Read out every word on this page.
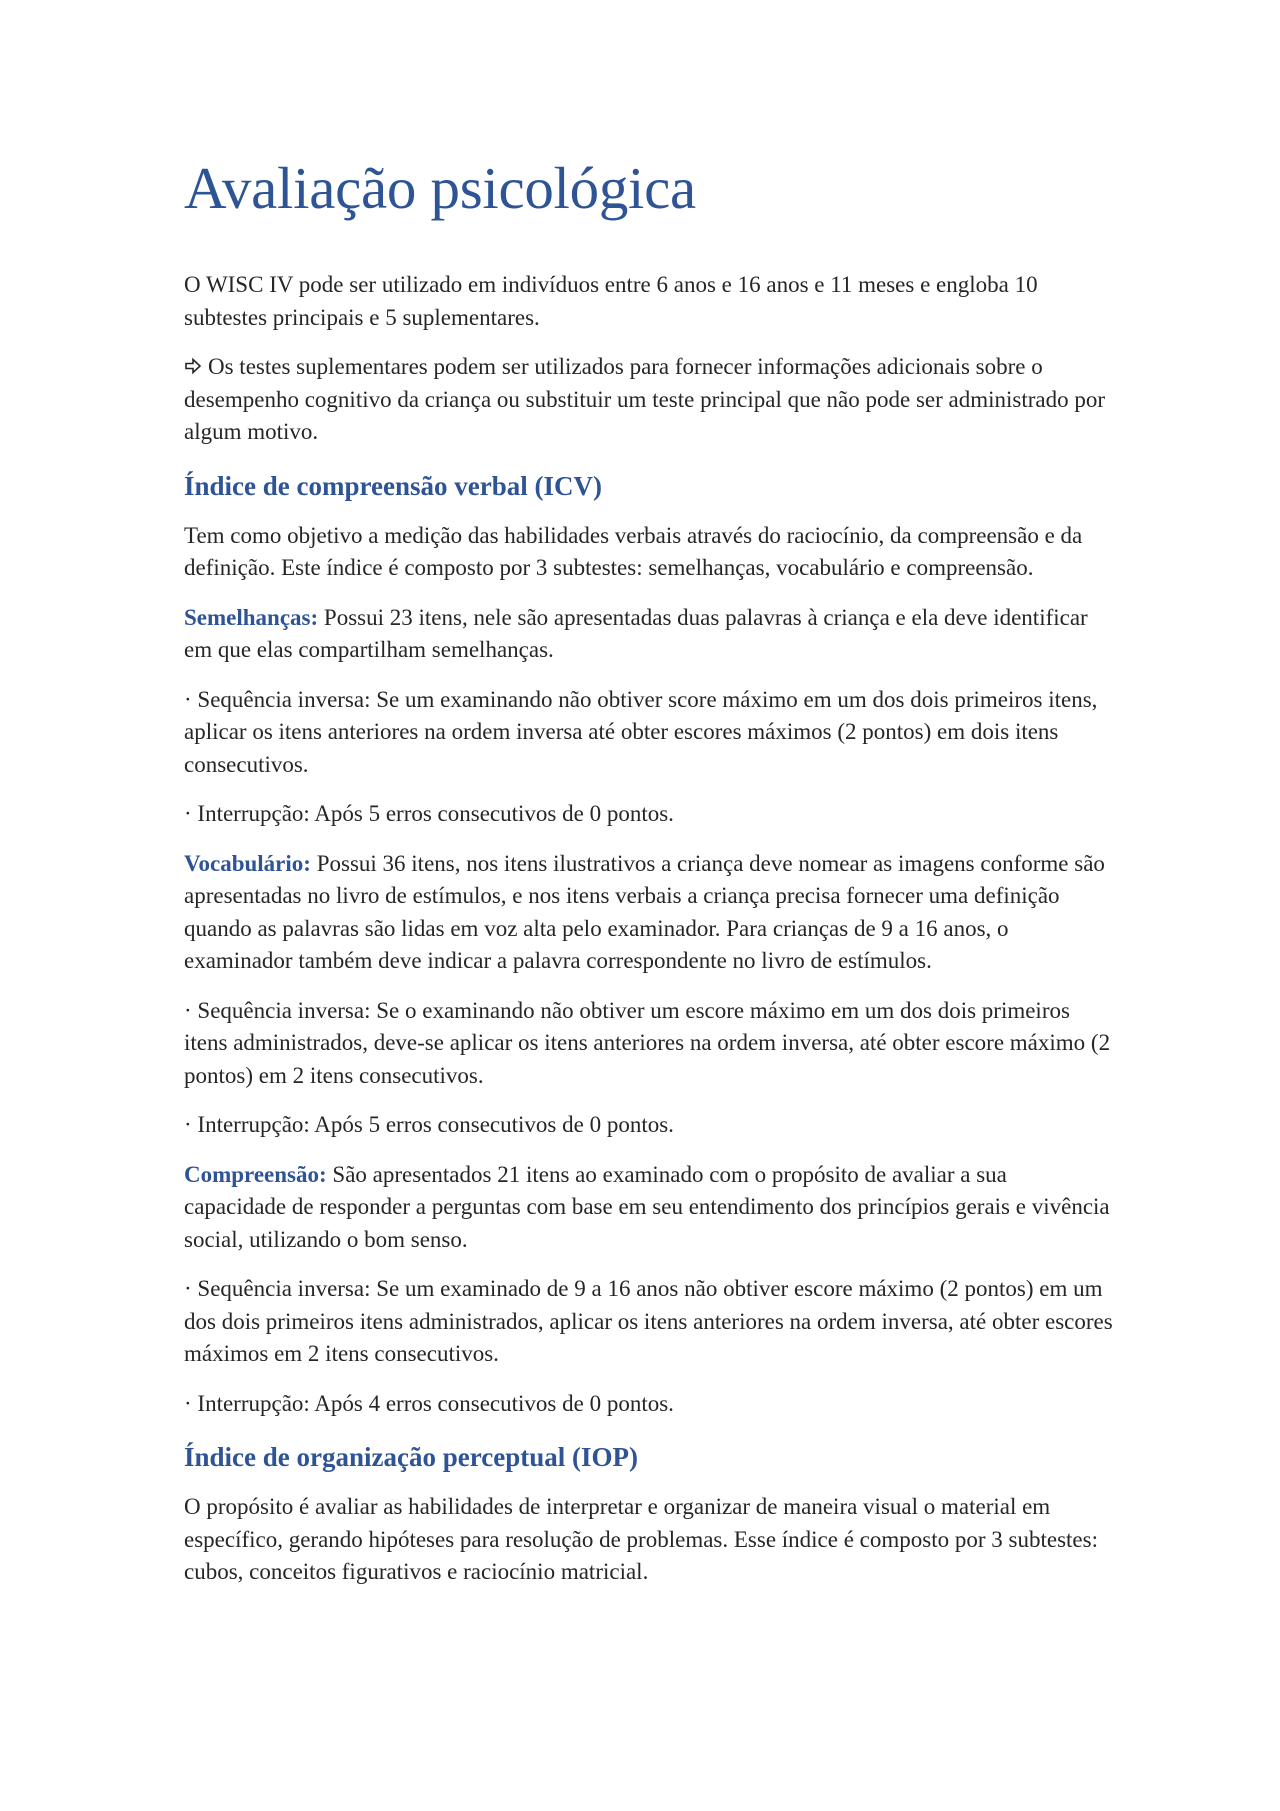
Avaliação psicológica

O WISC IV pode ser utilizado em indivíduos entre 6 anos e 16 anos e 11 meses e engloba 10 subtestes principais e 5 suplementares.

Os testes suplementares podem ser utilizados para fornecer informações adicionais sobre o desempenho cognitivo da criança ou substituir um teste principal que não pode ser administrado por algum motivo.

Índice de compreensão verbal (ICV)

Tem como objetivo a medição das habilidades verbais através do raciocínio, da compreensão e da definição. Este índice é composto por 3 subtestes: semelhanças, vocabulário e compreensão.

Semelhanças: Possui 23 itens, nele são apresentadas duas palavras à criança e ela deve identificar em que elas compartilham semelhanças.

· Sequência inversa: Se um examinando não obtiver score máximo em um dos dois primeiros itens, aplicar os itens anteriores na ordem inversa até obter escores máximos (2 pontos) em dois itens consecutivos.

· Interrupção: Após 5 erros consecutivos de 0 pontos.

Vocabulário: Possui 36 itens, nos itens ilustrativos a criança deve nomear as imagens conforme são apresentadas no livro de estímulos, e nos itens verbais a criança precisa fornecer uma definição quando as palavras são lidas em voz alta pelo examinador. Para crianças de 9 a 16 anos, o examinador também deve indicar a palavra correspondente no livro de estímulos.

· Sequência inversa: Se o examinando não obtiver um escore máximo em um dos dois primeiros itens administrados, deve-se aplicar os itens anteriores na ordem inversa, até obter escore máximo (2 pontos) em 2 itens consecutivos.

· Interrupção: Após 5 erros consecutivos de 0 pontos.

Compreensão: São apresentados 21 itens ao examinado com o propósito de avaliar a sua capacidade de responder a perguntas com base em seu entendimento dos princípios gerais e vivência social, utilizando o bom senso.

· Sequência inversa: Se um examinado de 9 a 16 anos não obtiver escore máximo (2 pontos) em um dos dois primeiros itens administrados, aplicar os itens anteriores na ordem inversa, até obter escores máximos em 2 itens consecutivos.

· Interrupção: Após 4 erros consecutivos de 0 pontos.

Índice de organização perceptual (IOP)

O propósito é avaliar as habilidades de interpretar e organizar de maneira visual o material em específico, gerando hipóteses para resolução de problemas. Esse índice é composto por 3 subtestes: cubos, conceitos figurativos e raciocínio matricial.
